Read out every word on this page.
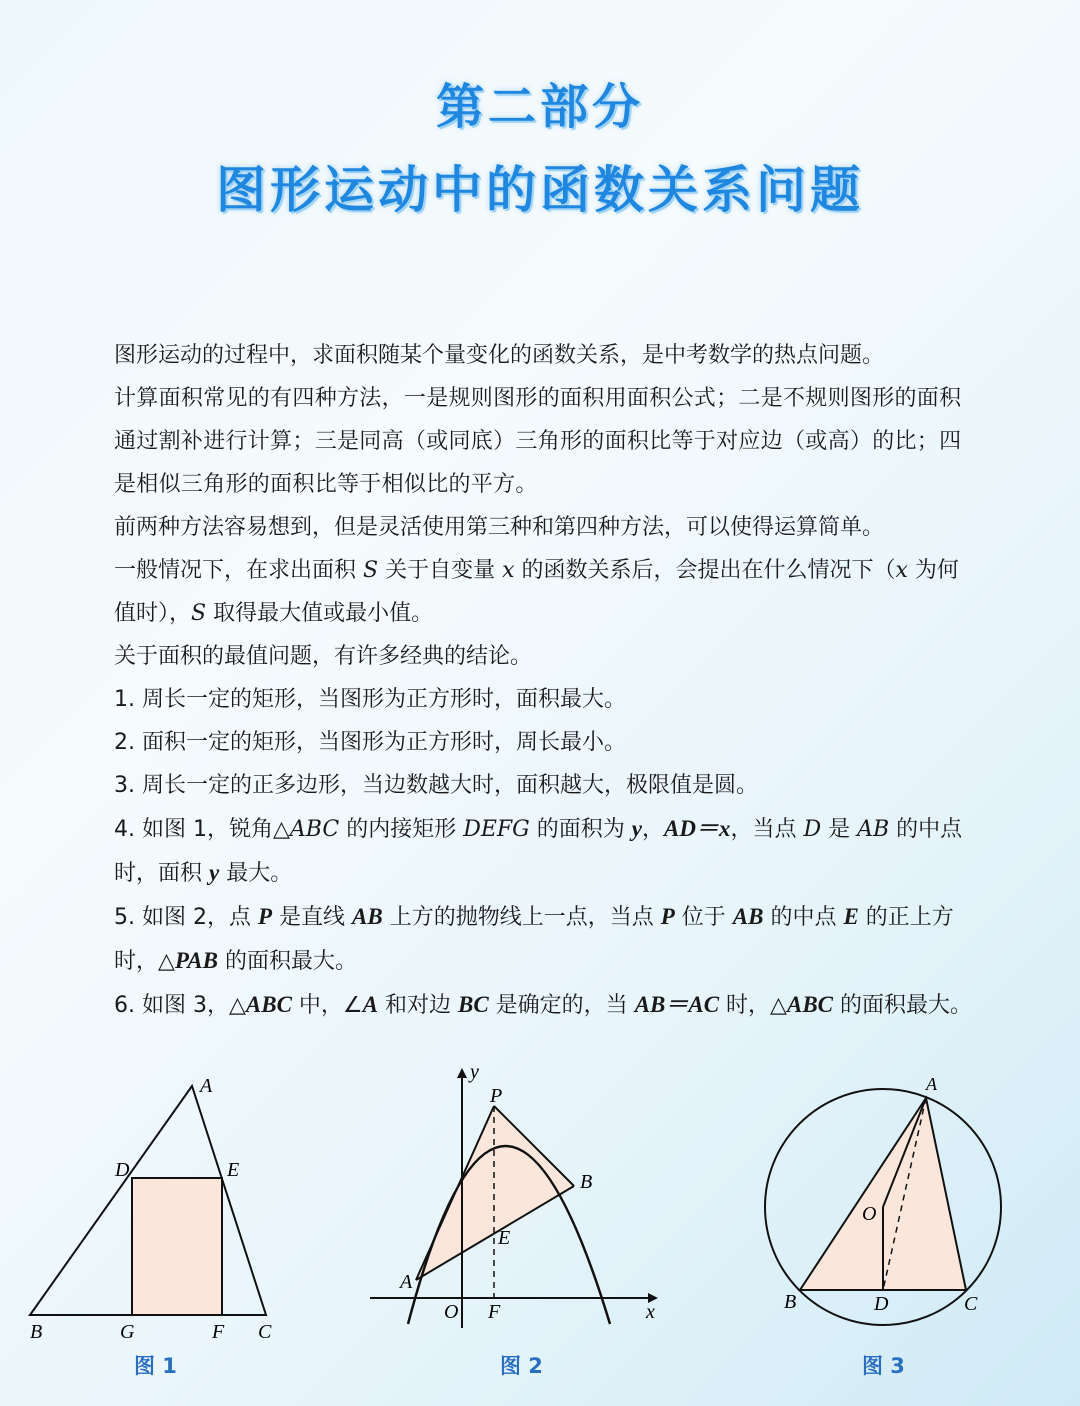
第二部分
图形运动中的函数关系问题

图形运动的过程中，求面积随某个量变化的函数关系，是中考数学的热点问题。

计算面积常见的有四种方法，一是规则图形的面积用面积公式；二是不规则图形的面积通过割补进行计算；三是同高（或同底）三角形的面积比等于对应边（或高）的比；四是相似三角形的面积比等于相似比的平方。

前两种方法容易想到，但是灵活使用第三种和第四种方法，可以使得运算简单。

一般情况下，在求出面积 S 关于自变量 x 的函数关系后，会提出在什么情况下（x 为何值时），S 取得最大值或最小值。

关于面积的最值问题，有许多经典的结论。

1. 周长一定的矩形，当图形为正方形时，面积最大。

2. 面积一定的矩形，当图形为正方形时，周长最小。

3. 周长一定的正多边形，当边数越大时，面积越大，极限值是圆。

4. 如图 1，锐角△ABC 的内接矩形 DEFG 的面积为 y，AD＝x，当点 D 是 AB 的中点时，面积 y 最大。

5. 如图 2，点 P 是直线 AB 上方的抛物线上一点，当点 P 位于 AB 的中点 E 的正上方时，△PAB 的面积最大。

6. 如图 3，△ABC 中，∠A 和对边 BC 是确定的，当 AB＝AC 时，△ABC 的面积最大。

A
D	E
B	G	F C
图 1
y
P
B
E
A
O F	x
图 2
A
O
B	D	C
图 3
